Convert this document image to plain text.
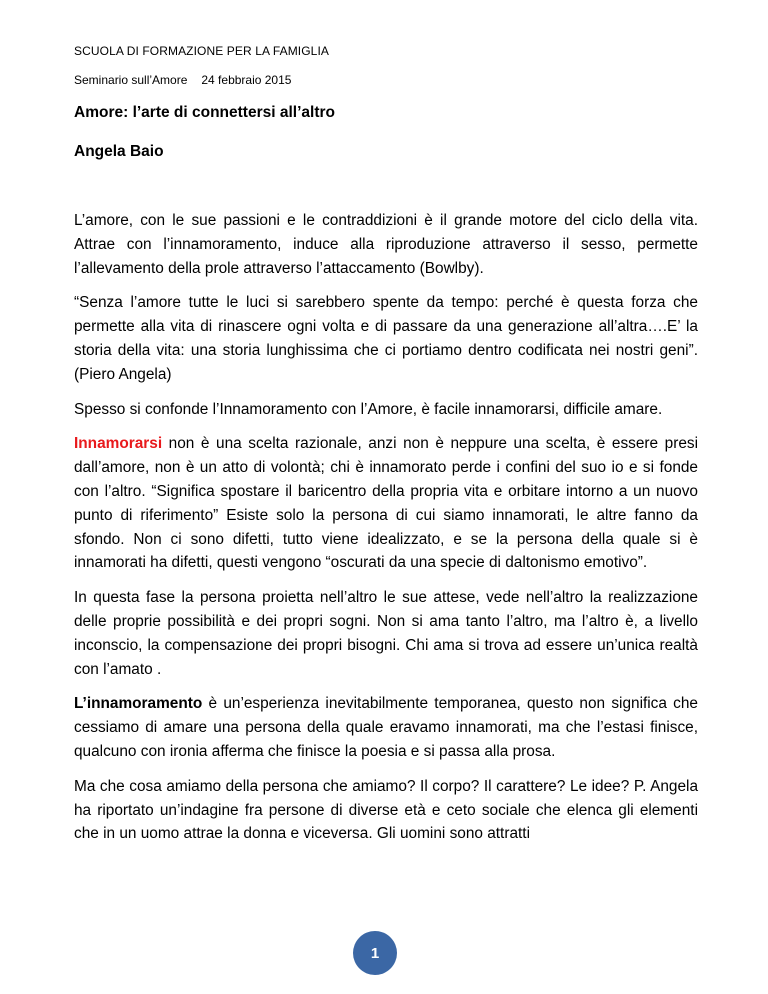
SCUOLA DI FORMAZIONE PER LA FAMIGLIA
Seminario sull’Amore 24 febbraio 2015
Amore: l’arte di connettersi all’altro
Angela Baio

L’amore, con le sue passioni e le contraddizioni è il grande motore del ciclo della vita. Attrae con l’innamoramento, induce alla riproduzione attraverso il sesso, permette l’allevamento della prole attraverso l’attaccamento (Bowlby).

“Senza l’amore tutte le luci si sarebbero spente da tempo: perché è questa forza che permette alla vita di rinascere ogni volta e di passare da una generazione all’altra….E’ la storia della vita: una storia lunghissima che ci portiamo dentro codificata nei nostri geni”. (Piero Angela)

Spesso si confonde l’Innamoramento con l’Amore, è facile innamorarsi, difficile amare.

Innamorarsi non è una scelta razionale, anzi non è neppure una scelta, è essere presi dall’amore, non è un atto di volontà; chi è innamorato perde i confini del suo io e si fonde con l’altro. “Significa spostare il baricentro della propria vita e orbitare intorno a un nuovo punto di riferimento” Esiste solo la persona di cui siamo innamorati, le altre fanno da sfondo. Non ci sono difetti, tutto viene idealizzato, e se la persona della quale si è innamorati ha difetti, questi vengono “oscurati da una specie di daltonismo emotivo”.

In questa fase la persona proietta nell’altro le sue attese, vede nell’altro la realizzazione delle proprie possibilità e dei propri sogni. Non si ama tanto l’altro, ma l’altro è, a livello inconscio, la compensazione dei propri bisogni. Chi ama si trova ad essere un’unica realtà con l’amato .

L’innamoramento è un’esperienza inevitabilmente temporanea, questo non significa che cessiamo di amare una persona della quale eravamo innamorati, ma che l’estasi finisce, qualcuno con ironia afferma che finisce la poesia e si passa alla prosa.

Ma che cosa amiamo della persona che amiamo? Il corpo? Il carattere? Le idee? P. Angela ha riportato un’indagine fra persone di diverse età e ceto sociale che elenca gli elementi che in un uomo attrae la donna e viceversa. Gli uomini sono attratti

1
